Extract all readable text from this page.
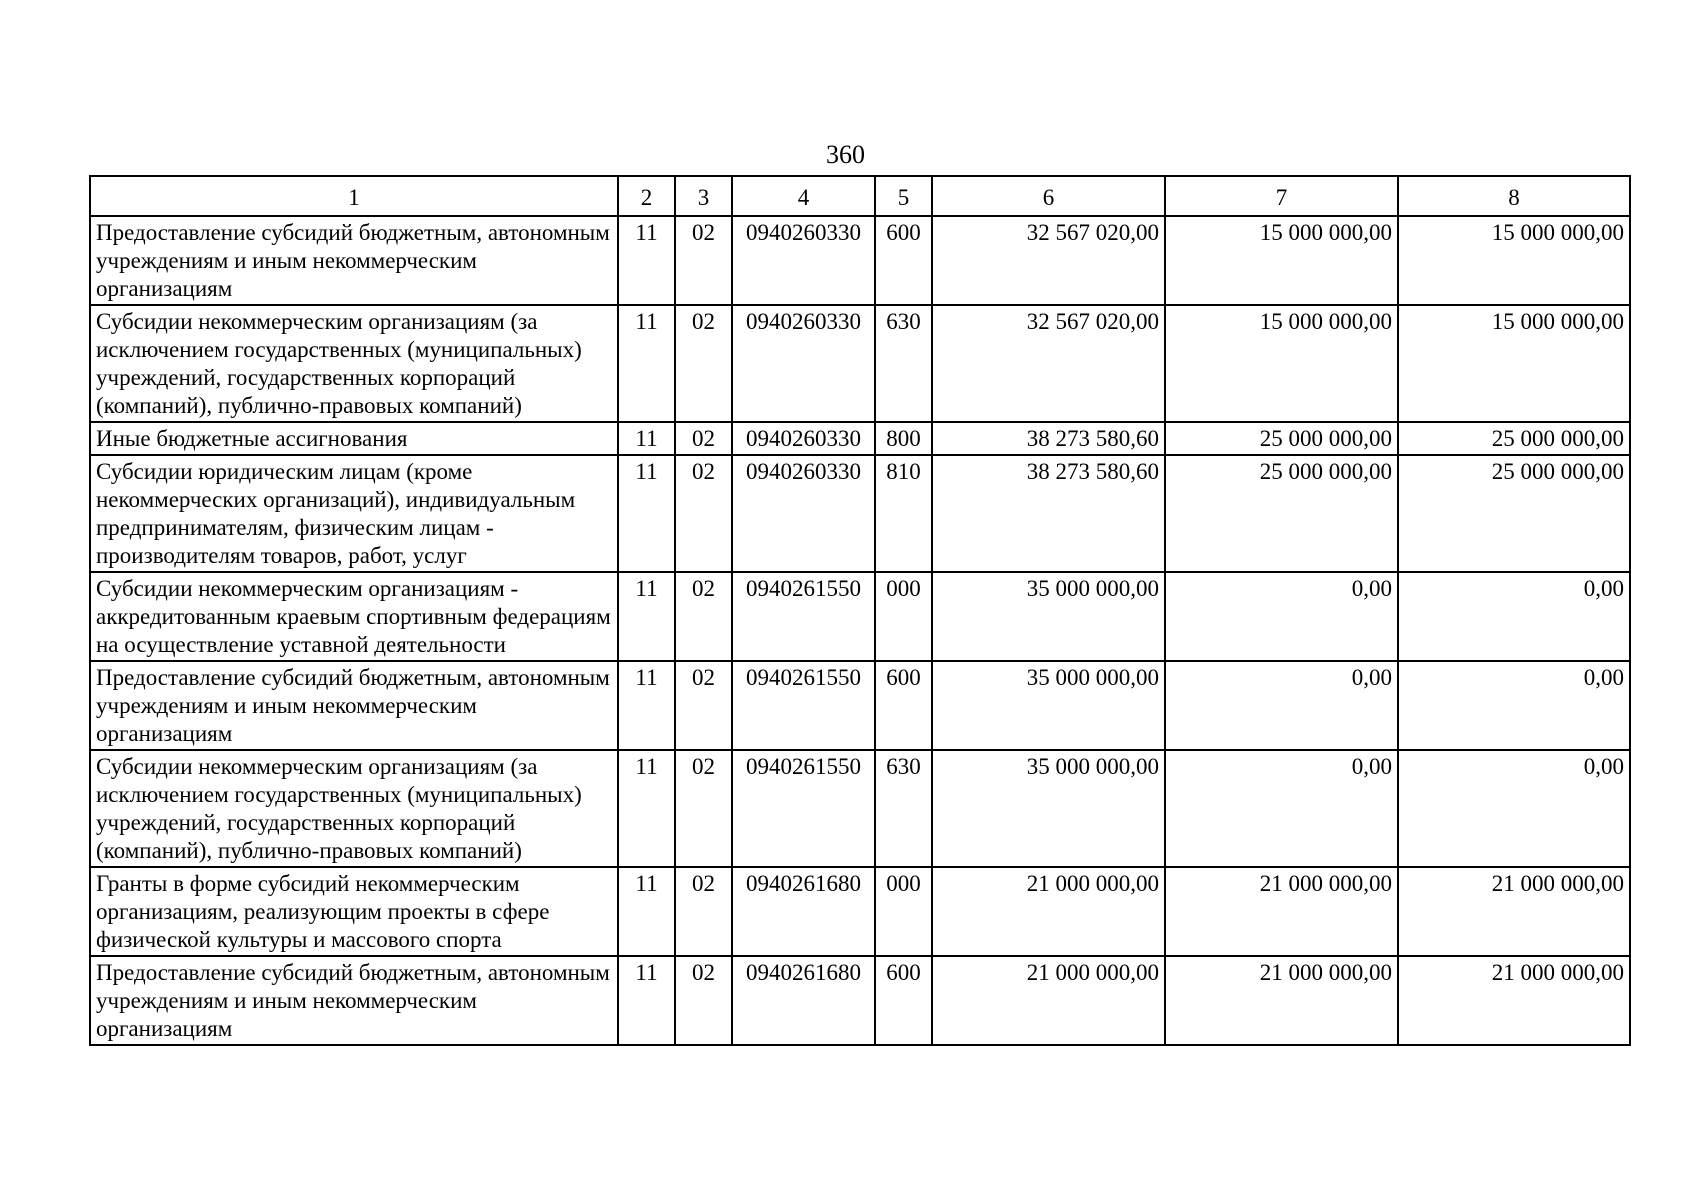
360
1	2	3	4	5	6	7	8
Предоставление субсидий бюджетным, автономным учреждениям и иным некоммерческим организациям	11	02	0940260330	600	32 567 020,00	15 000 000,00	15 000 000,00
Субсидии некоммерческим организациям (за исключением государственных (муниципальных) учреждений, государственных корпораций (компаний), публично-правовых компаний)	11	02	0940260330	630	32 567 020,00	15 000 000,00	15 000 000,00
Иные бюджетные ассигнования	11	02	0940260330	800	38 273 580,60	25 000 000,00	25 000 000,00
Субсидии юридическим лицам (кроме некоммерческих организаций), индивидуальным предпринимателям, физическим лицам - производителям товаров, работ, услуг	11	02	0940260330	810	38 273 580,60	25 000 000,00	25 000 000,00
Субсидии некоммерческим организациям - аккредитованным краевым спортивным федерациям на осуществление уставной деятельности	11	02	0940261550	000	35 000 000,00	0,00	0,00
Предоставление субсидий бюджетным, автономным учреждениям и иным некоммерческим организациям	11	02	0940261550	600	35 000 000,00	0,00	0,00
Субсидии некоммерческим организациям (за исключением государственных (муниципальных) учреждений, государственных корпораций (компаний), публично-правовых компаний)	11	02	0940261550	630	35 000 000,00	0,00	0,00
Гранты в форме субсидий некоммерческим организациям, реализующим проекты в сфере физической культуры и массового спорта	11	02	0940261680	000	21 000 000,00	21 000 000,00	21 000 000,00
Предоставление субсидий бюджетным, автономным учреждениям и иным некоммерческим организациям	11	02	0940261680	600	21 000 000,00	21 000 000,00	21 000 000,00
